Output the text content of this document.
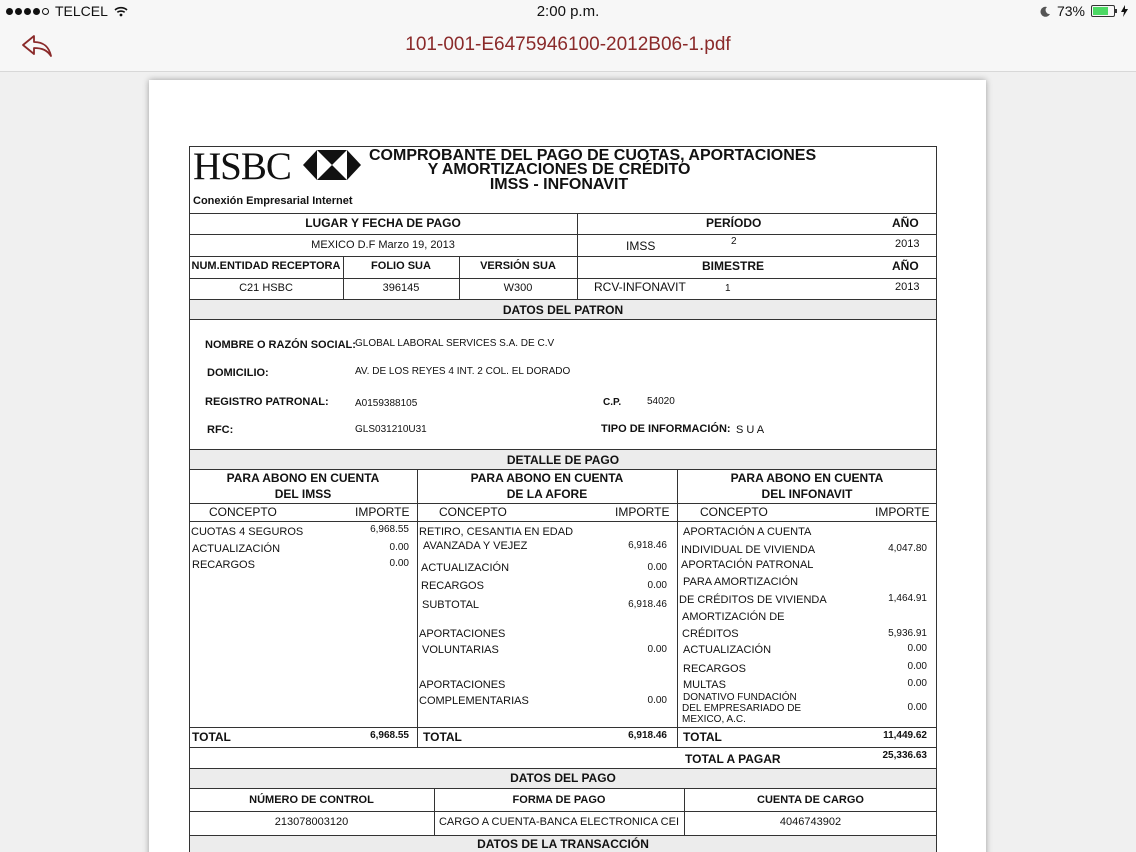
TELCEL	2:00 p.m.	73%
101-001-E6475946100-2012B06-1.pdf
HSBC
Conexión Empresarial Internet
COMPROBANTE DEL PAGO DE CUOTAS, APORTACIONES
Y AMORTIZACIONES DE CRÉDITO
IMSS - INFONAVIT
LUGAR Y FECHA DE PAGO	PERÍODO	AÑO
MEXICO D.F Marzo 19, 2013	IMSS	2	2013
NUM.ENTIDAD RECEPTORA	FOLIO SUA	VERSIÓN SUA	BIMESTRE	AÑO
C21 HSBC	396145	W300	RCV-INFONAVIT	1	2013
DATOS DEL PATRON
NOMBRE O RAZÓN SOCIAL: GLOBAL LABORAL SERVICES S.A. DE C.V
DOMICILIO:	AV. DE LOS REYES 4 INT. 2 COL. EL DORADO
REGISTRO PATRONAL:	A0159388105	C.P.	54020
RFC:	GLS031210U31	TIPO DE INFORMACIÓN: S U A
DETALLE DE PAGO
PARA ABONO EN CUENTA
DEL IMSS
CONCEPTO	IMPORTE
CUOTAS 4 SEGUROS	6,968.55
ACTUALIZACIÓN	0.00
RECARGOS	0.00
TOTAL	6,968.55
PARA ABONO EN CUENTA
DE LA AFORE
CONCEPTO	IMPORTE
RETIRO, CESANTIA EN EDAD
AVANZADA Y VEJEZ	6,918.46
ACTUALIZACIÓN	0.00
RECARGOS	0.00
SUBTOTAL	6,918.46
APORTACIONES
VOLUNTARIAS	0.00
APORTACIONES
COMPLEMENTARIAS	0.00
TOTAL	6,918.46
PARA ABONO EN CUENTA
DEL INFONAVIT
CONCEPTO	IMPORTE
APORTACIÓN A CUENTA
INDIVIDUAL DE VIVIENDA	4,047.80
APORTACIÓN PATRONAL
PARA AMORTIZACIÓN
DE CRÉDITOS DE VIVIENDA	1,464.91
AMORTIZACIÓN DE
CRÉDITOS	5,936.91
ACTUALIZACIÓN	0.00
RECARGOS	0.00
MULTAS	0.00
DONATIVO FUNDACIÓN
DEL EMPRESARIADO DE	0.00
MEXICO, A.C.
TOTAL	11,449.62
TOTAL A PAGAR	25,336.63
DATOS DEL PAGO
NÚMERO DE CONTROL	FORMA DE PAGO	CUENTA DE CARGO
213078003120	CARGO A CUENTA-BANCA ELECTRONICA CEI	4046743902
DATOS DE LA TRANSACCIÓN
